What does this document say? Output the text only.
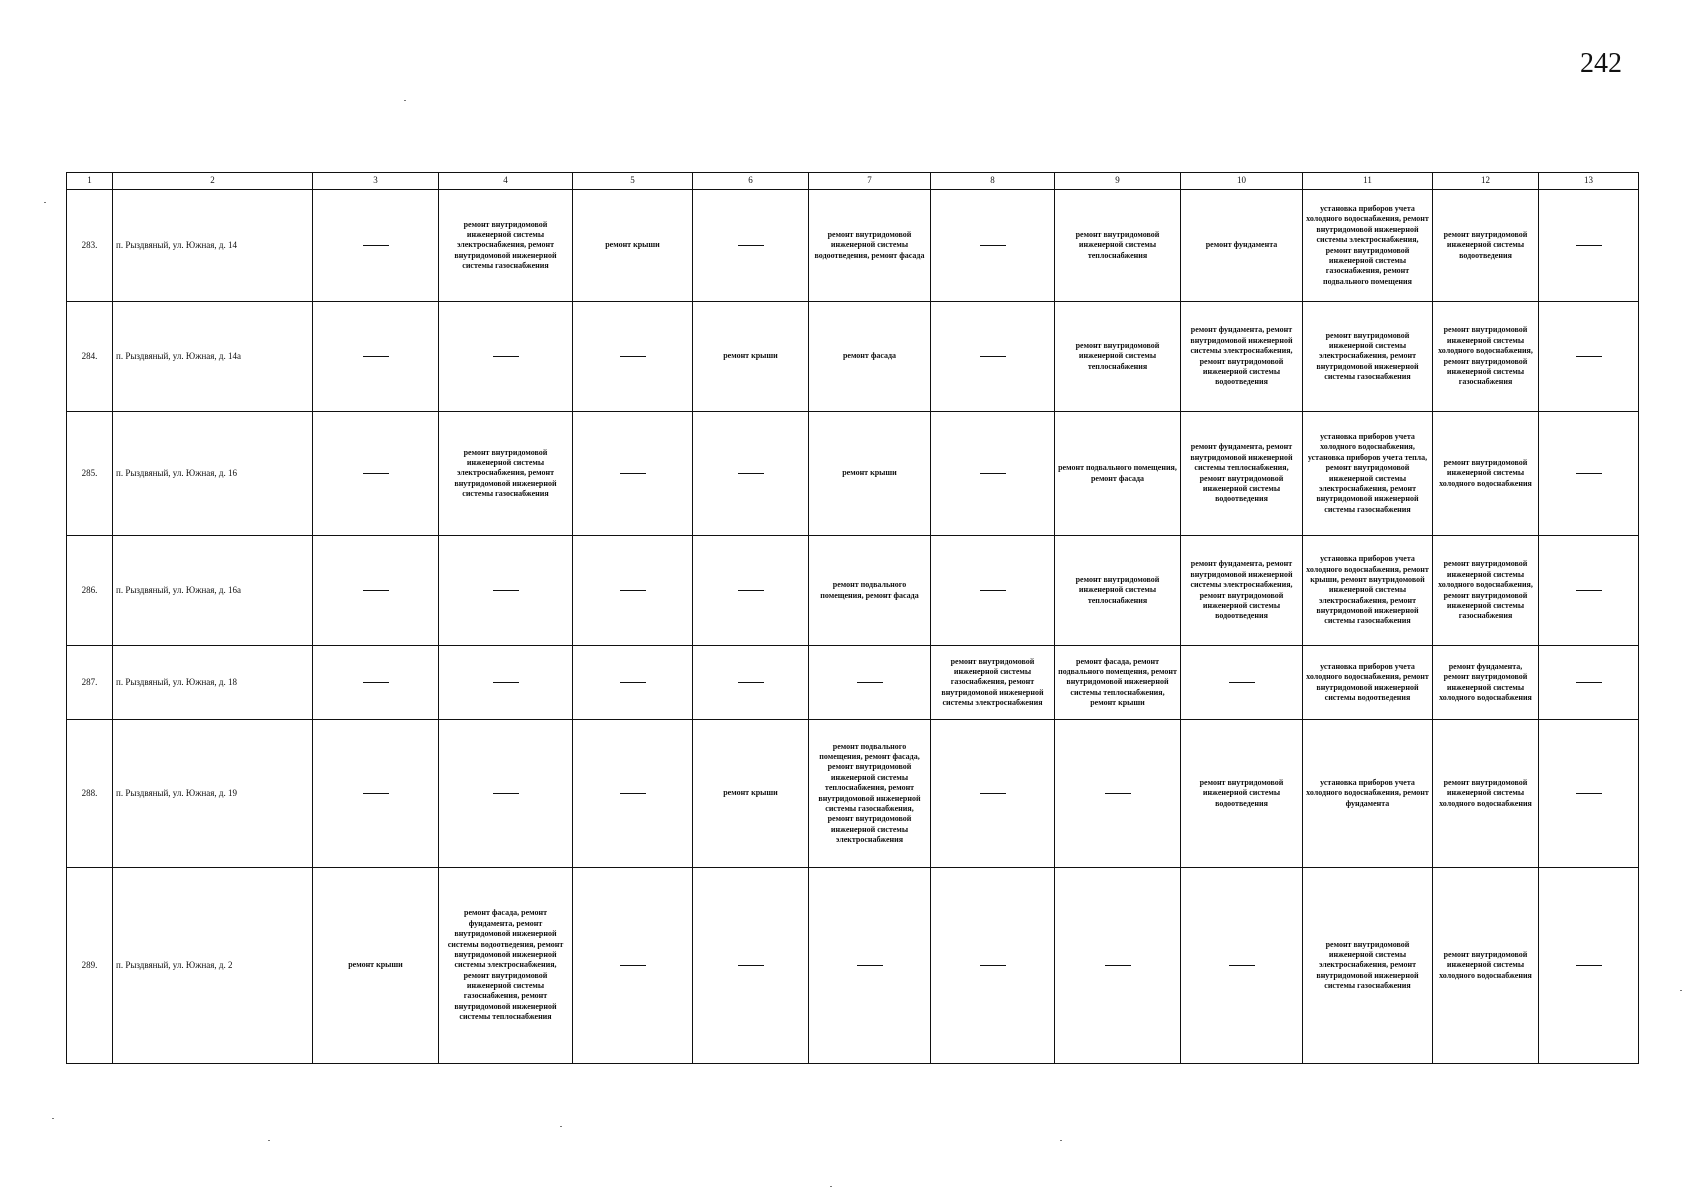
242
1	2	3	4	5	6	7	8	9	10	11	12	13
283.	п. Рыздвяный, ул. Южная, д. 14		ремонт внутридомовой инженерной системы электроснабжения, ремонт внутридомовой инженерной системы газоснабжения	ремонт крыши		ремонт внутридомовой инженерной системы водоотведения, ремонт фасада		ремонт внутридомовой инженерной системы теплоснабжения	ремонт фундамента	установка приборов учета холодного водоснабжения, ремонт внутридомовой инженерной системы электроснабжения, ремонт внутридомовой инженерной системы газоснабжения, ремонт подвального помещения	ремонт внутридомовой инженерной системы водоотведения	
284.	п. Рыздвяный, ул. Южная, д. 14а				ремонт крыши	ремонт фасада		ремонт внутридомовой инженерной системы теплоснабжения	ремонт фундамента, ремонт внутридомовой инженерной системы электроснабжения, ремонт внутридомовой инженерной системы водоотведения	ремонт внутридомовой инженерной системы электроснабжения, ремонт внутридомовой инженерной системы газоснабжения	ремонт внутридомовой инженерной системы холодного водоснабжения, ремонт внутридомовой инженерной системы газоснабжения	
285.	п. Рыздвяный, ул. Южная, д. 16		ремонт внутридомовой инженерной системы электроснабжения, ремонт внутридомовой инженерной системы газоснабжения			ремонт крыши		ремонт подвального помещения, ремонт фасада	ремонт фундамента, ремонт внутридомовой инженерной системы теплоснабжения, ремонт внутридомовой инженерной системы водоотведения	установка приборов учета холодного водоснабжения, установка приборов учета тепла, ремонт внутридомовой инженерной системы электроснабжения, ремонт внутридомовой инженерной системы газоснабжения	ремонт внутридомовой инженерной системы холодного водоснабжения	
286.	п. Рыздвяный, ул. Южная, д. 16а					ремонт подвального помещения, ремонт фасада		ремонт внутридомовой инженерной системы теплоснабжения	ремонт фундамента, ремонт внутридомовой инженерной системы электроснабжения, ремонт внутридомовой инженерной системы водоотведения	установка приборов учета холодного водоснабжения, ремонт крыши, ремонт внутридомовой инженерной системы электроснабжения, ремонт внутридомовой инженерной системы газоснабжения	ремонт внутридомовой инженерной системы холодного водоснабжения, ремонт внутридомовой инженерной системы газоснабжения	
287.	п. Рыздвяный, ул. Южная, д. 18						ремонт внутридомовой инженерной системы газоснабжения, ремонт внутридомовой инженерной системы электроснабжения	ремонт фасада, ремонт подвального помещения, ремонт внутридомовой инженерной системы теплоснабжения, ремонт крыши		установка приборов учета холодного водоснабжения, ремонт внутридомовой инженерной системы водоотведения	ремонт фундамента, ремонт внутридомовой инженерной системы холодного водоснабжения	
288.	п. Рыздвяный, ул. Южная, д. 19				ремонт крыши	ремонт подвального помещения, ремонт фасада, ремонт внутридомовой инженерной системы теплоснабжения, ремонт внутридомовой инженерной системы газоснабжения, ремонт внутридомовой инженерной системы электроснабжения			ремонт внутридомовой инженерной системы водоотведения	установка приборов учета холодного водоснабжения, ремонт фундамента	ремонт внутридомовой инженерной системы холодного водоснабжения	
289.	п. Рыздвяный, ул. Южная, д. 2	ремонт крыши	ремонт фасада, ремонт фундамента, ремонт внутридомовой инженерной системы водоотведения, ремонт внутридомовой инженерной системы электроснабжения, ремонт внутридомовой инженерной системы газоснабжения, ремонт внутридомовой инженерной системы теплоснабжения							ремонт внутридомовой инженерной системы электроснабжения, ремонт внутридомовой инженерной системы газоснабжения	ремонт внутридомовой инженерной системы холодного водоснабжения	
